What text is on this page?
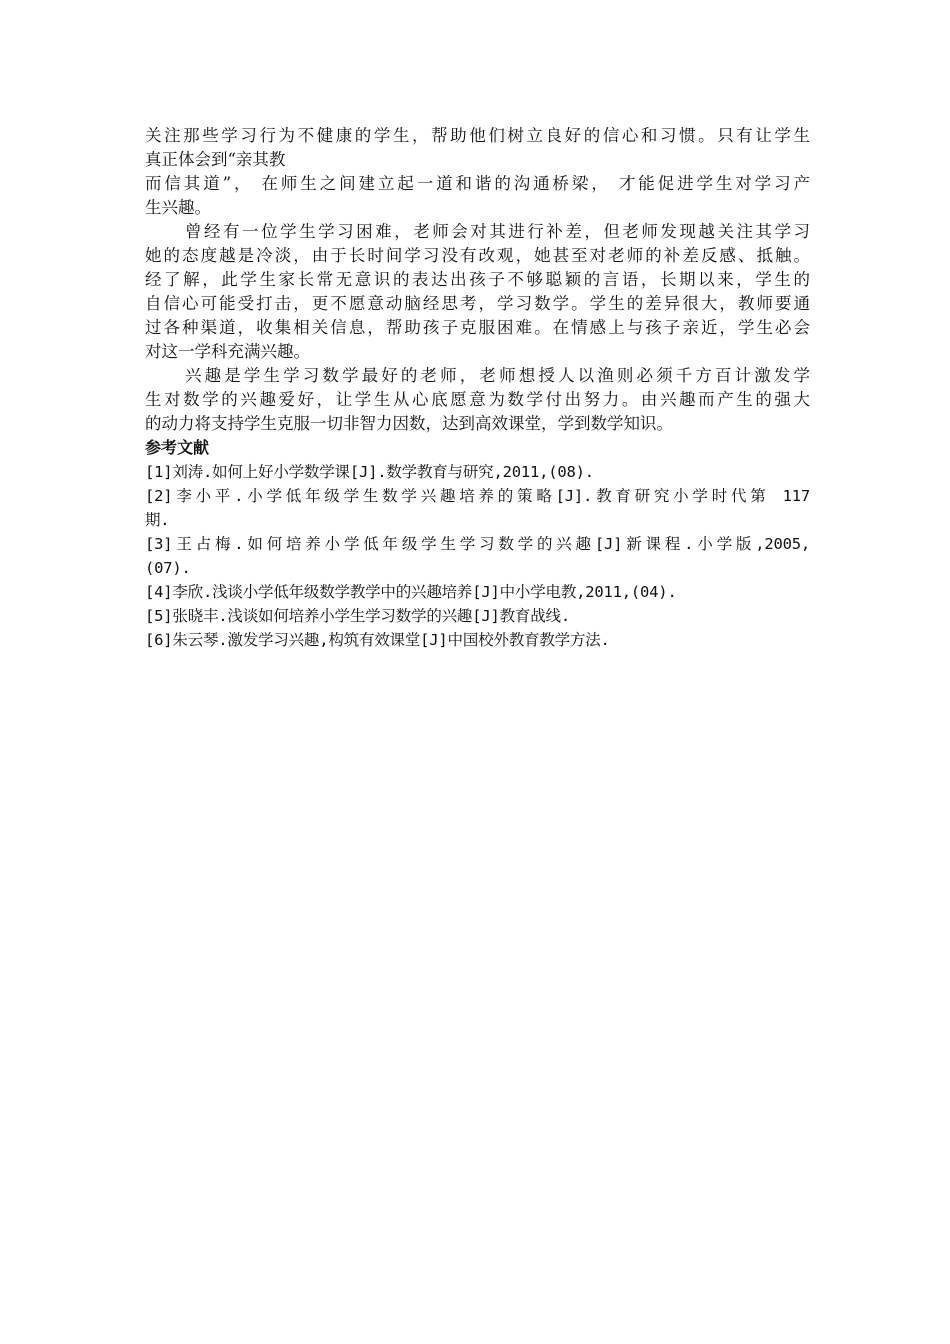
关注那些学习行为不健康的学生，帮助他们树立良好的信心和习惯。只有让学生
真正体会到“亲其教
而信其道”， 在师生之间建立起一道和谐的沟通桥梁， 才能促进学生对学习产
生兴趣。
曾经有一位学生学习困难，老师会对其进行补差，但老师发现越关注其学习
她的态度越是冷淡，由于长时间学习没有改观，她甚至对老师的补差反感、抵触。
经了解，此学生家长常无意识的表达出孩子不够聪颖的言语，长期以来，学生的
自信心可能受打击，更不愿意动脑经思考，学习数学。学生的差异很大，教师要通
过各种渠道，收集相关信息，帮助孩子克服困难。在情感上与孩子亲近，学生必会
对这一学科充满兴趣。
兴趣是学生学习数学最好的老师，老师想授人以渔则必须千方百计激发学
生对数学的兴趣爱好，让学生从心底愿意为数学付出努力。由兴趣而产生的强大
的动力将支持学生克服一切非智力因数，达到高效课堂，学到数学知识。
参考文献
[1]刘涛.如何上好小学数学课[J].数学教育与研究,2011,(08).
[2]李小平.小学低年级学生数学兴趣培养的策略[J].教育研究小学时代第 117
期.
[3]王占梅.如何培养小学低年级学生学习数学的兴趣[J]新课程.小学版,2005,
(07).
[4]李欣.浅谈小学低年级数学教学中的兴趣培养[J]中小学电教,2011,(04).
[5]张晓丰.浅谈如何培养小学生学习数学的兴趣[J]教育战线.
[6]朱云琴.激发学习兴趣,构筑有效课堂[J]中国校外教育教学方法.
